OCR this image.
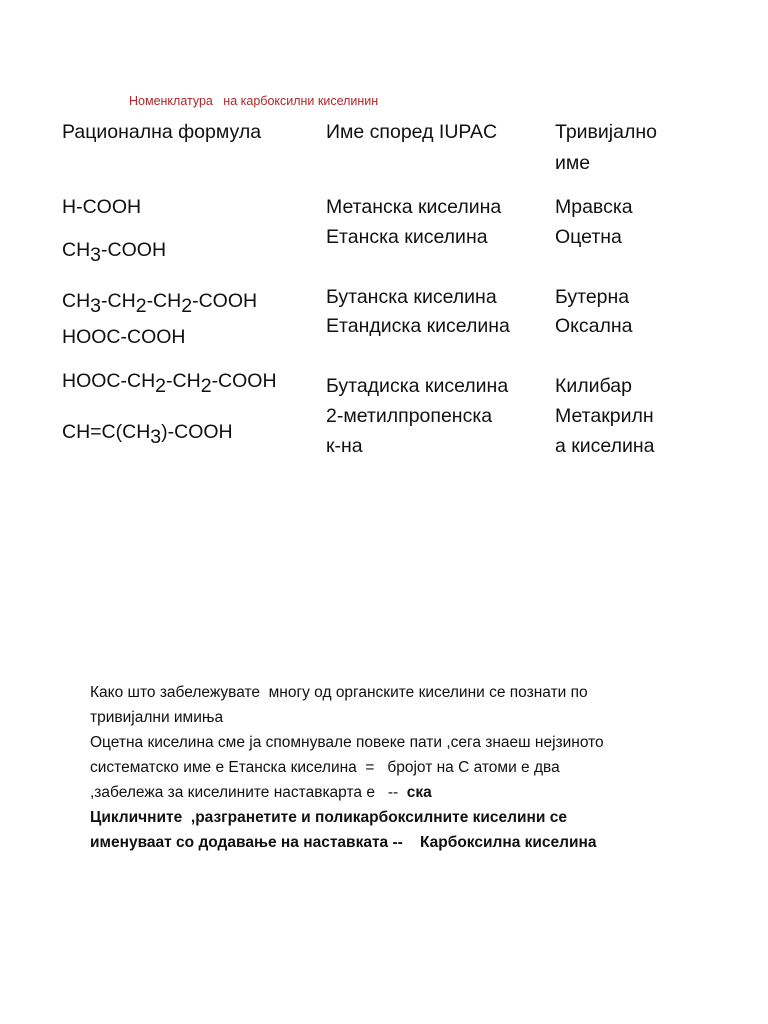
Номенклатура   на карбоксилни киселинин
Рационална формула	Име според IUPAC	Тривијално
име
H-COOH
$CH_3$-COOH
$CH_3-CH_2-CH_2$-COOH
HOOC-COOH
HOOC-$CH_2-CH_2$-COOH
$CH=C(CH_3)$-COOH
Метанска киселина
Етанска киселина
Бутанска киселина
Етандиска киселина
Бутадиска киселина
2-метилпропенска
к-на
Мравска
Оцетна
Бутерна
Оксална
Килибар
Метакрилн
а киселина
Како што забележувате  многу од органските киселини се познати по
тривијални имиња
Оцетна киселина сме ја спомнувале повеке пати ,сега знаеш нејзиното
систематско име е Етанска киселина  =   бројот на С атоми е два
,забележа за киселините наставкарта е   --  ска
Цикличните  ,разгранетите и поликарбоксилните киселини се
именуваат со додавање на наставката --    Карбоксилна киселина
